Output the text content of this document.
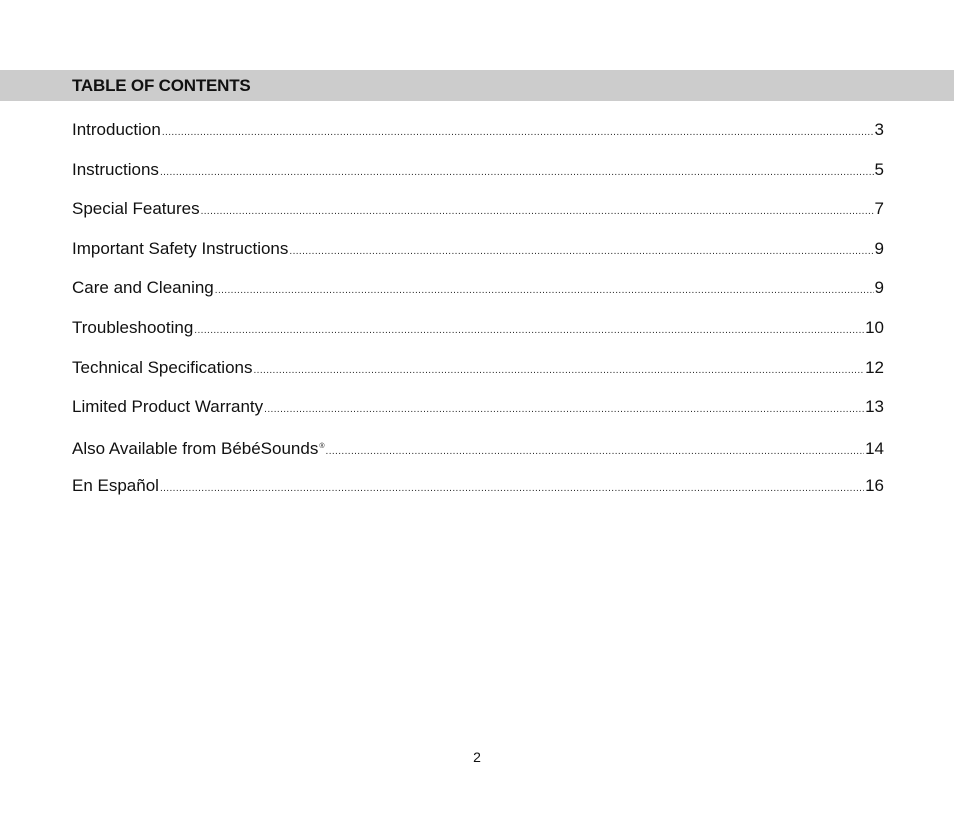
TABLE OF CONTENTS
Introduction .....	3
Instructions .....	5
Special Features .....	7
Important Safety Instructions .....	9
Care and Cleaning .....	9
Troubleshooting .....	10
Technical Specifications .....	12
Limited Product Warranty .....	13
Also Available from BébéSounds® .....	14
En Español .....	16
2
